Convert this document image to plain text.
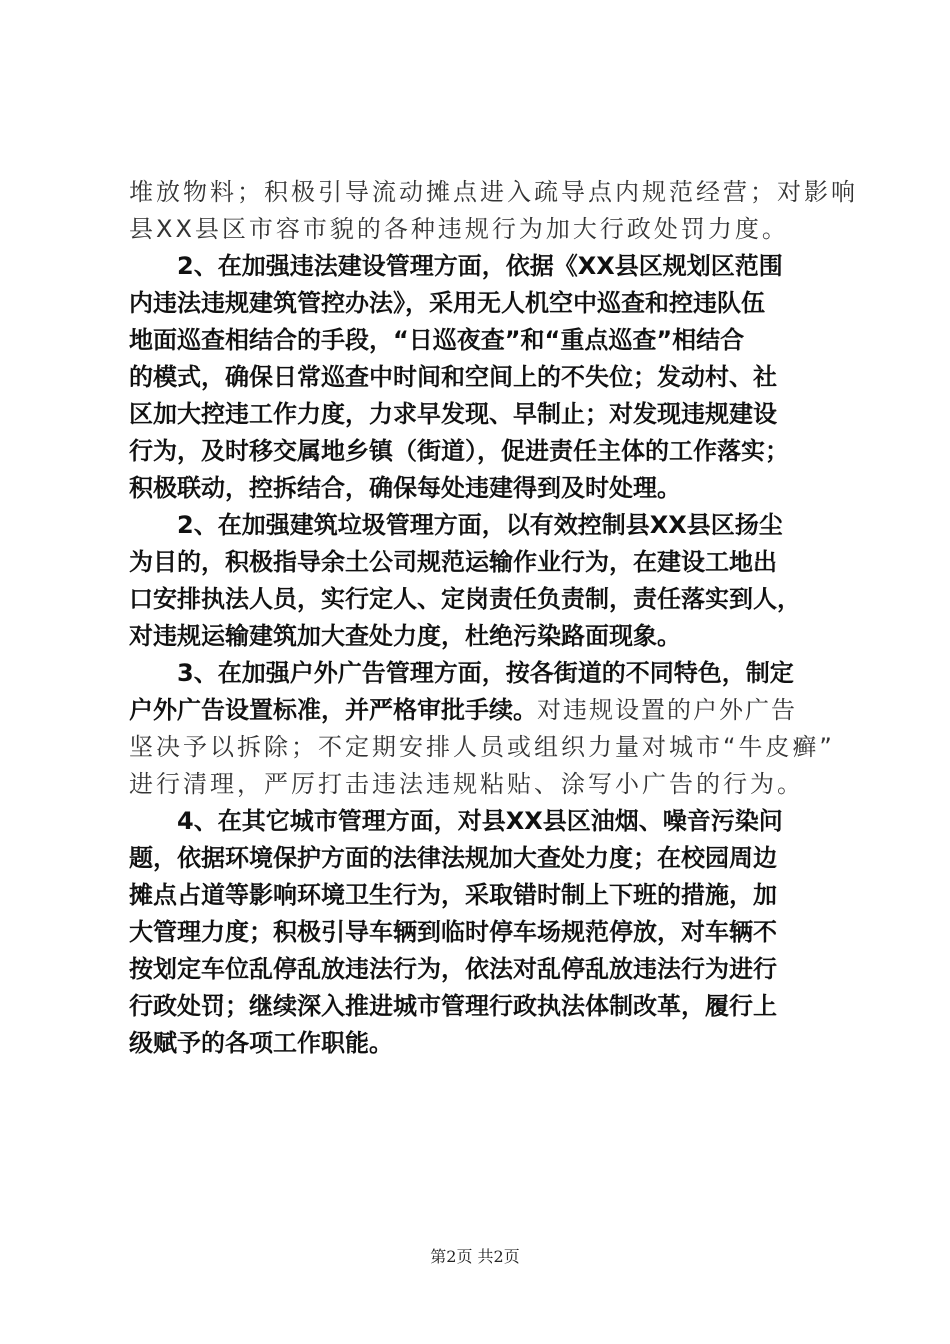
堆放物料；积极引导流动摊点进入疏导点内规范经营；对影响
县XX县区市容市貌的各种违规行为加大行政处罚力度。
2、在加强违法建设管理方面，依据《XX县区规划区范围
内违法违规建筑管控办法》，采用无人机空中巡查和控违队伍
地面巡查相结合的手段，“日巡夜查”和“重点巡查”相结合
的模式，确保日常巡查中时间和空间上的不失位；发动村、社
区加大控违工作力度，力求早发现、早制止；对发现违规建设
行为，及时移交属地乡镇（街道），促进责任主体的工作落实；
积极联动，控拆结合，确保每处违建得到及时处理。
2、在加强建筑垃圾管理方面，以有效控制县XX县区扬尘
为目的，积极指导余土公司规范运输作业行为，在建设工地出
口安排执法人员，实行定人、定岗责任负责制，责任落实到人，
对违规运输建筑加大查处力度，杜绝污染路面现象。
3、在加强户外广告管理方面，按各街道的不同特色，制定
户外广告设置标准，并严格审批手续。对违规设置的户外广告
坚决予以拆除；不定期安排人员或组织力量对城市“牛皮癣”
进行清理，严厉打击违法违规粘贴、涂写小广告的行为。
4、在其它城市管理方面，对县XX县区油烟、噪音污染问
题，依据环境保护方面的法律法规加大查处力度；在校园周边
摊点占道等影响环境卫生行为，采取错时制上下班的措施，加
大管理力度；积极引导车辆到临时停车场规范停放，对车辆不
按划定车位乱停乱放违法行为，依法对乱停乱放违法行为进行
行政处罚；继续深入推进城市管理行政执法体制改革，履行上
级赋予的各项工作职能。
第2页 共2页
